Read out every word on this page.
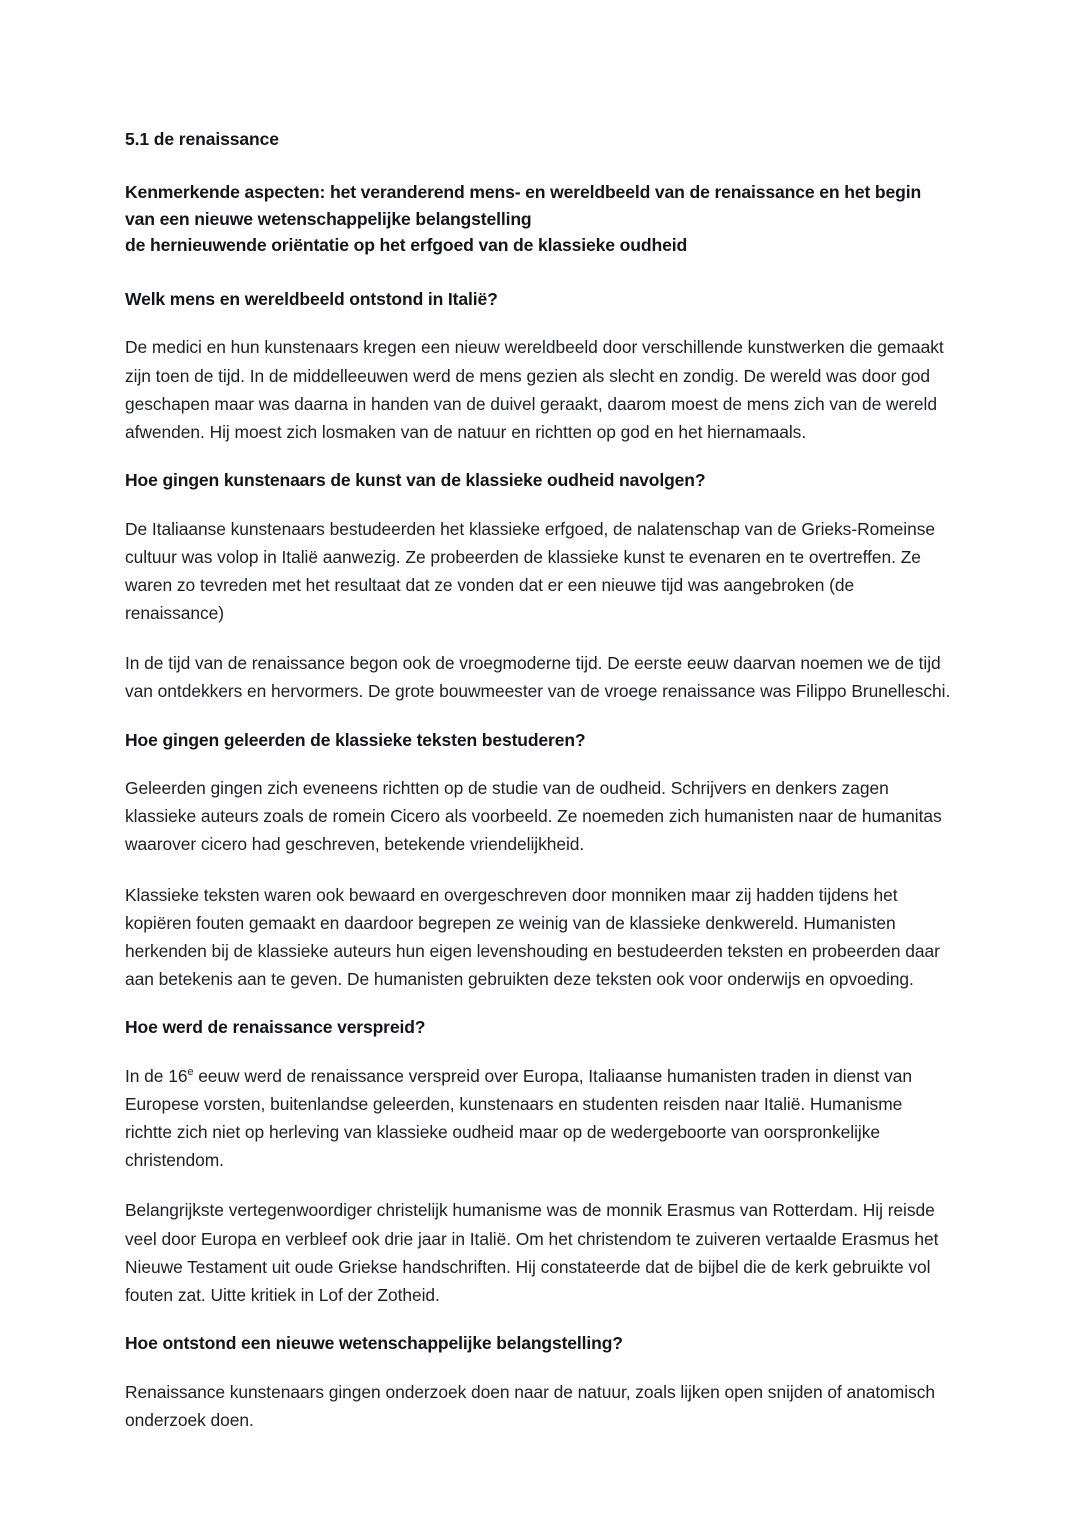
5.1 de renaissance
Kenmerkende aspecten: het veranderend mens- en wereldbeeld van de renaissance en het begin van een nieuwe wetenschappelijke belangstelling
de hernieuwende oriëntatie op het erfgoed van de klassieke oudheid
Welk mens en wereldbeeld ontstond in Italië?

De medici en hun kunstenaars kregen een nieuw wereldbeeld door verschillende kunstwerken die gemaakt zijn toen de tijd. In de middelleeuwen werd de mens gezien als slecht en zondig. De wereld was door god geschapen maar was daarna in handen van de duivel geraakt, daarom moest de mens zich van de wereld afwenden. Hij moest zich losmaken van de natuur en richtten op god en het hiernamaals.

Hoe gingen kunstenaars de kunst van de klassieke oudheid navolgen?

De Italiaanse kunstenaars bestudeerden het klassieke erfgoed, de nalatenschap van de Grieks-Romeinse cultuur was volop in Italië aanwezig. Ze probeerden de klassieke kunst te evenaren en te overtreffen. Ze waren zo tevreden met het resultaat dat ze vonden dat er een nieuwe tijd was aangebroken (de renaissance)

In de tijd van de renaissance begon ook de vroegmoderne tijd. De eerste eeuw daarvan noemen we de tijd van ontdekkers en hervormers. De grote bouwmeester van de vroege renaissance was Filippo Brunelleschi.

Hoe gingen geleerden de klassieke teksten bestuderen?

Geleerden gingen zich eveneens richtten op de studie van de oudheid. Schrijvers en denkers zagen klassieke auteurs zoals de romein Cicero als voorbeeld. Ze noemeden zich humanisten naar de humanitas waarover cicero had geschreven, betekende vriendelijkheid.

Klassieke teksten waren ook bewaard en overgeschreven door monniken maar zij hadden tijdens het kopiëren fouten gemaakt en daardoor begrepen ze weinig van de klassieke denkwereld. Humanisten herkenden bij de klassieke auteurs hun eigen levenshouding en bestudeerden teksten en probeerden daar aan betekenis aan te geven. De humanisten gebruikten deze teksten ook voor onderwijs en opvoeding.

Hoe werd de renaissance verspreid?

In de 16e eeuw werd de renaissance verspreid over Europa, Italiaanse humanisten traden in dienst van Europese vorsten, buitenlandse geleerden, kunstenaars en studenten reisden naar Italië. Humanisme richtte zich niet op herleving van klassieke oudheid maar op de wedergeboorte van oorspronkelijke christendom.

Belangrijkste vertegenwoordiger christelijk humanisme was de monnik Erasmus van Rotterdam. Hij reisde veel door Europa en verbleef ook drie jaar in Italië. Om het christendom te zuiveren vertaalde Erasmus het Nieuwe Testament uit oude Griekse handschriften. Hij constateerde dat de bijbel die de kerk gebruikte vol fouten zat. Uitte kritiek in Lof der Zotheid.

Hoe ontstond een nieuwe wetenschappelijke belangstelling?

Renaissance kunstenaars gingen onderzoek doen naar de natuur, zoals lijken open snijden of anatomisch onderzoek doen.
